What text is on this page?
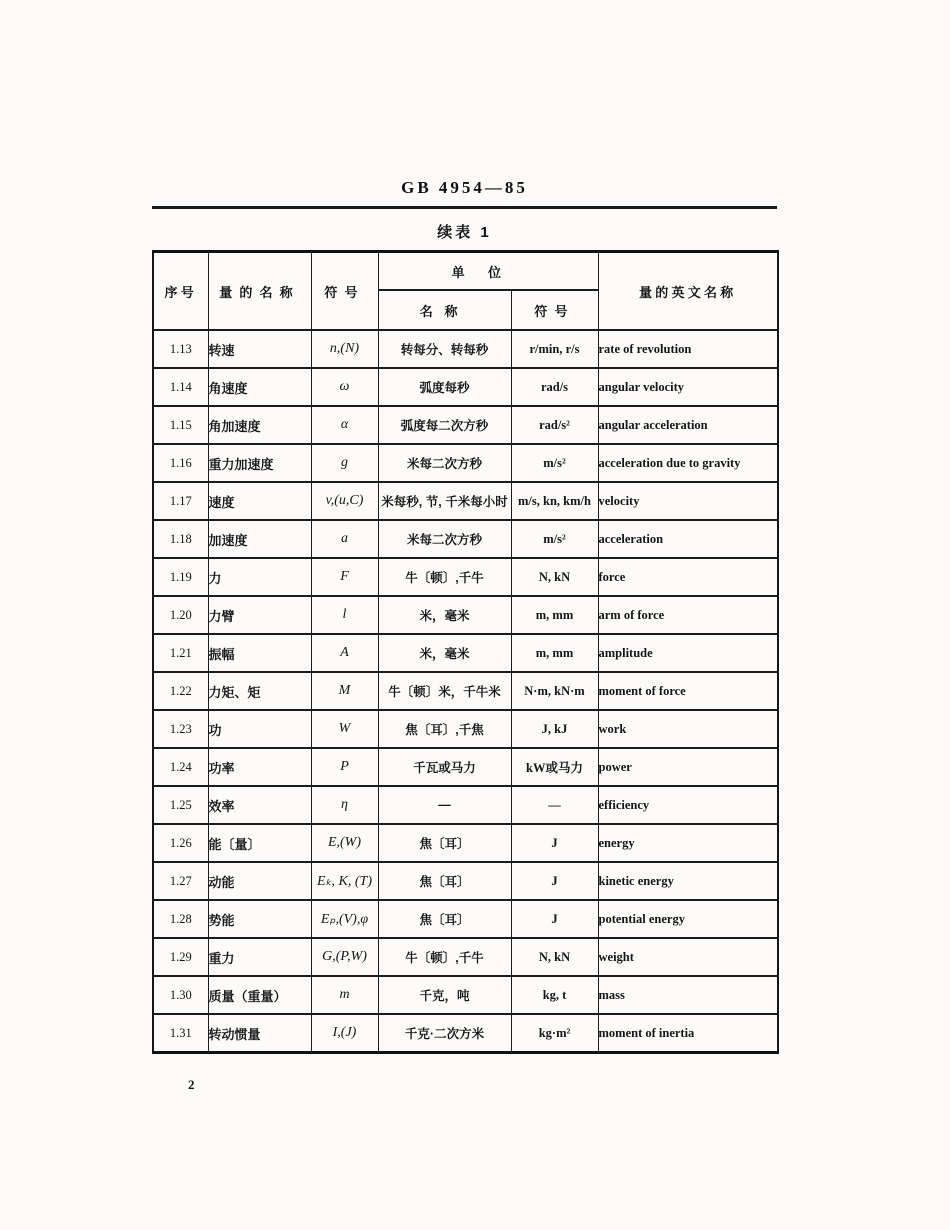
GB 4954—85
续表 1
序号	量的名称	符号	单位		量的英文名称
			名称	符号	
1.13	转速	n,(N)	转每分、转每秒	r/min, r/s	rate of revolution
1.14	角速度	ω	弧度每秒	rad/s	angular velocity
1.15	角加速度	α	弧度每二次方秒	rad/s²	angular acceleration
1.16	重力加速度	g	米每二次方秒	m/s²	acceleration due to gravity
1.17	速度	v,(u,C)	米每秒, 节, 千米每小时	m/s, kn, km/h	velocity
1.18	加速度	a	米每二次方秒	m/s²	acceleration
1.19	力	F	牛〔顿〕,千牛	N, kN	force
1.20	力臂	l	米，毫米	m, mm	arm of force
1.21	振幅	A	米，毫米	m, mm	amplitude
1.22	力矩、矩	M	牛〔顿〕米，千牛米	N·m, kN·m	moment of force
1.23	功	W	焦〔耳〕,千焦	J, kJ	work
1.24	功率	P	千瓦或马力	kW或马力	power
1.25	效率	η	—	—	efficiency
1.26	能〔量〕	E,(W)	焦〔耳〕	J	energy
1.27	动能	Eₖ, K, (T)	焦〔耳〕	J	kinetic energy
1.28	势能	Eₚ,(V),φ	焦〔耳〕	J	potential energy
1.29	重力	G,(P,W)	牛〔顿〕,千牛	N, kN	weight
1.30	质量（重量）	m	千克，吨	kg, t	mass
1.31	转动惯量	I,(J)	千克·二次方米	kg·m²	moment of inertia
2
